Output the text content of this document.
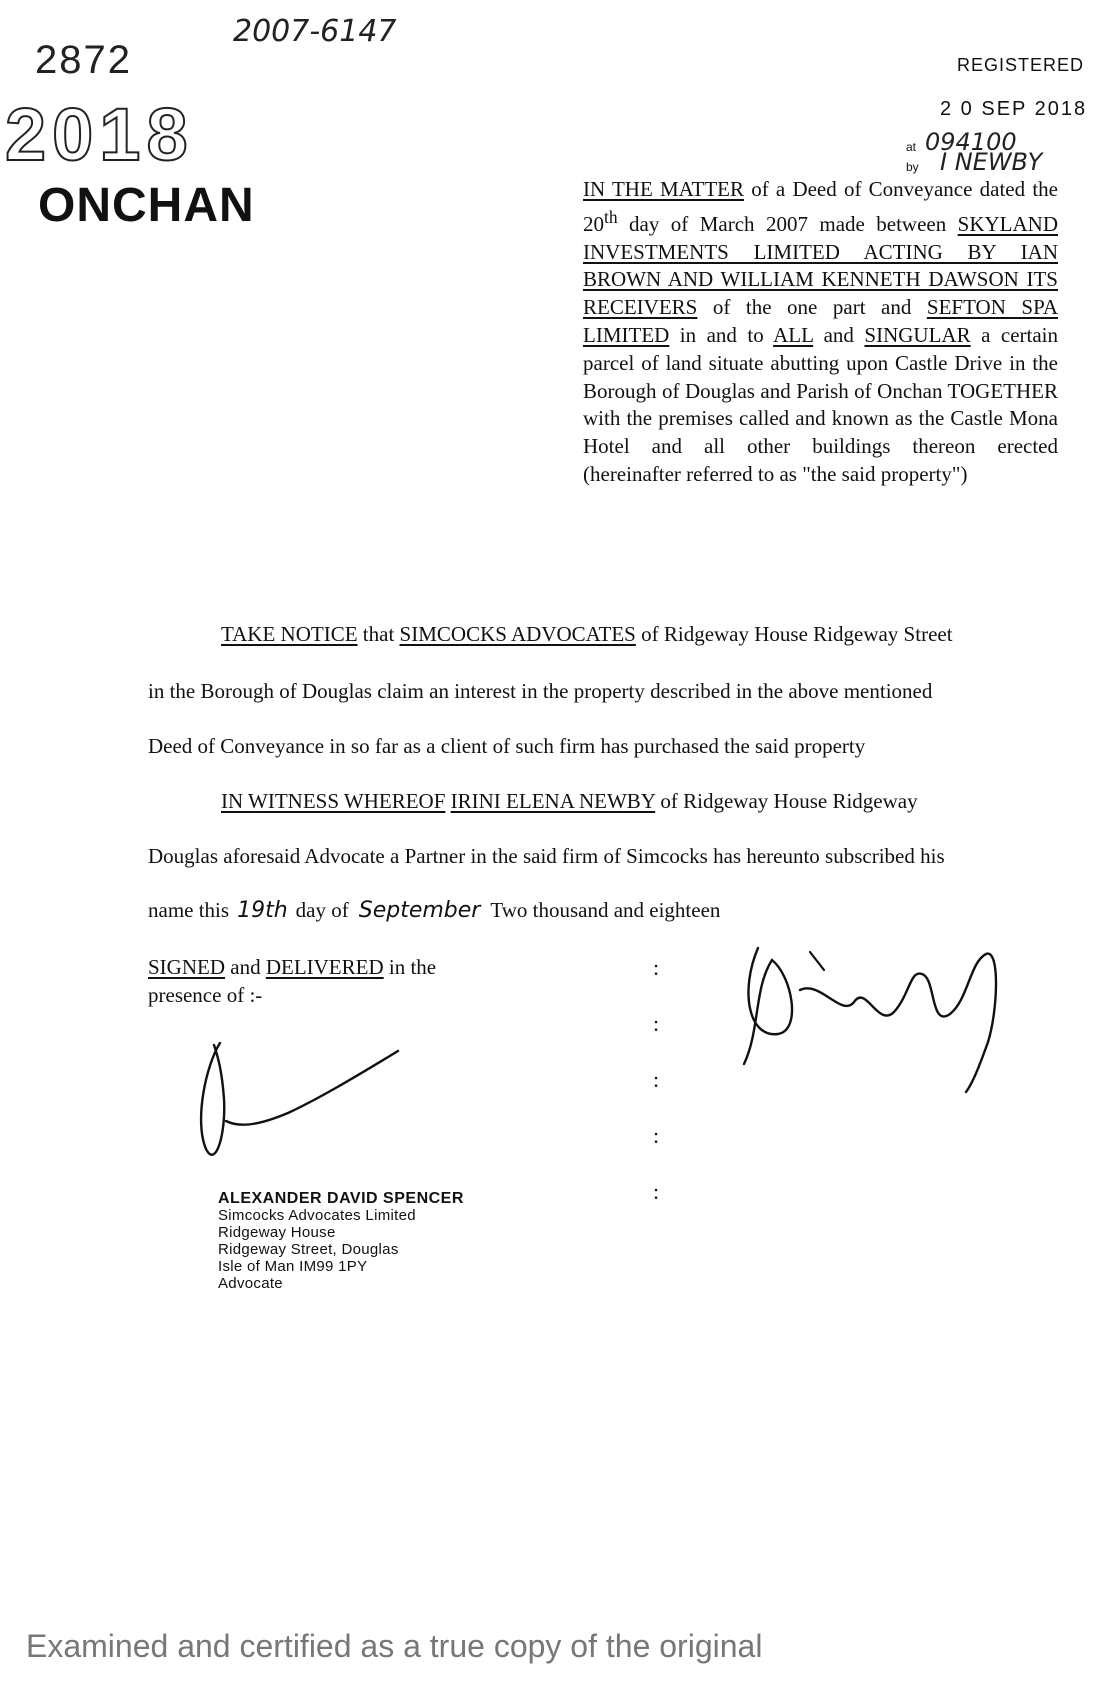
2872
2007-6147
2018
ONCHAN
REGISTERED
2 0 SEP 2018
at 094100
by I NEWBY
IN THE MATTER of a Deed of Conveyance dated the 20th day of March 2007 made between SKYLAND INVESTMENTS LIMITED ACTING BY IAN BROWN AND WILLIAM KENNETH DAWSON ITS RECEIVERS of the one part and SEFTON SPA LIMITED in and to ALL and SINGULAR a certain parcel of land situate abutting upon Castle Drive in the Borough of Douglas and Parish of Onchan TOGETHER with the premises called and known as the Castle Mona Hotel and all other buildings thereon erected (hereinafter referred to as "the said property")
TAKE NOTICE that SIMCOCKS ADVOCATES of Ridgeway House Ridgeway Street
in the Borough of Douglas claim an interest in the property described in the above mentioned
Deed of Conveyance in so far as a client of such firm has purchased the said property
IN WITNESS WHEREOF IRINI ELENA NEWBY of Ridgeway House Ridgeway
Douglas aforesaid Advocate a Partner in the said firm of Simcocks has hereunto subscribed his
name this 19th day of September Two thousand and eighteen
SIGNED and DELIVERED in the
presence of :-
:
:
:
:
:
ALEXANDER DAVID SPENCER
Simcocks Advocates Limited
Ridgeway House
Ridgeway Street, Douglas
Isle of Man IM99 1PY
Advocate
Examined and certified as a true copy of the original
